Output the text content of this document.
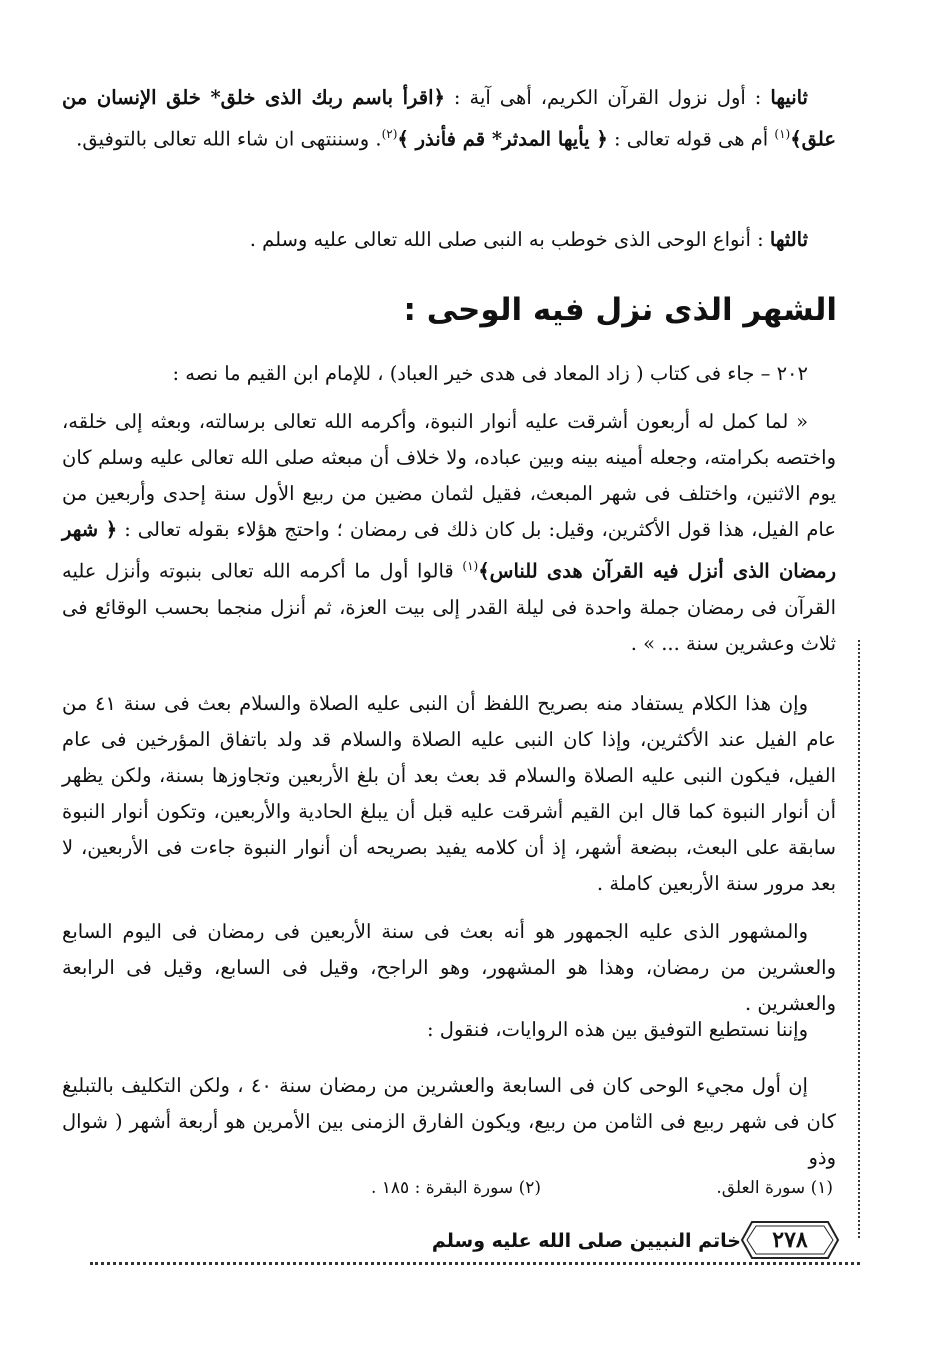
ثانيها : أول نزول القرآن الكريم، أهى آية : ﴿اقرأ باسم ربك الذى خلق* خلق الإنسان من علق﴾$^{(١)}$ أم هى قوله تعالى : ﴿ يأيها المدثر* قم فأنذر ﴾$^{(٢)}$. وسننتهى ان شاء الله تعالى بالتوفيق.

ثالثها : أنواع الوحى الذى خوطب به النبى صلى الله تعالى عليه وسلم .

الشهر الذى نزل فيه الوحى :

٢٠٢ – جاء فى كتاب ( زاد المعاد فى هدى خير العباد) ، للإمام ابن القيم ما نصه :

« لما كمل له أربعون أشرقت عليه أنوار النبوة، وأكرمه الله تعالى برسالته، وبعثه إلى خلقه، واختصه بكرامته، وجعله أمينه بينه وبين عباده، ولا خلاف أن مبعثه صلى الله تعالى عليه وسلم كان يوم الاثنين، واختلف فى شهر المبعث، فقيل لثمان مضين من ربيع الأول سنة إحدى وأربعين من عام الفيل، هذا قول الأكثرين، وقيل: بل كان ذلك فى رمضان ؛ واحتج هؤلاء بقوله تعالى : ﴿ شهر رمضان الذى أنزل فيه القرآن هدى للناس﴾$^{(١)}$ قالوا أول ما أكرمه الله تعالى بنبوته وأنزل عليه القرآن فى رمضان جملة واحدة فى ليلة القدر إلى بيت العزة، ثم أنزل منجما بحسب الوقائع فى ثلاث وعشرين سنة ... » .

وإن هذا الكلام يستفاد منه بصريح اللفظ أن النبى عليه الصلاة والسلام بعث فى سنة ٤١ من عام الفيل عند الأكثرين، وإذا كان النبى عليه الصلاة والسلام قد ولد باتفاق المؤرخين فى عام الفيل، فيكون النبى عليه الصلاة والسلام قد بعث بعد أن بلغ الأربعين وتجاوزها بسنة، ولكن يظهر أن أنوار النبوة كما قال ابن القيم أشرقت عليه قبل أن يبلغ الحادية والأربعين، وتكون أنوار النبوة سابقة على البعث، ببضعة أشهر، إذ أن كلامه يفيد بصريحه أن أنوار النبوة جاءت فى الأربعين، لا بعد مرور سنة الأربعين كاملة .

والمشهور الذى عليه الجمهور هو أنه بعث فى سنة الأربعين فى رمضان فى اليوم السابع والعشرين من رمضان، وهذا هو المشهور، وهو الراجح، وقيل فى السابع، وقيل فى الرابعة والعشرين .

وإننا نستطيع التوفيق بين هذه الروايات، فنقول :

إن أول مجيء الوحى كان فى السابعة والعشرين من رمضان سنة ٤٠ ، ولكن التكليف بالتبليغ كان فى شهر ربيع فى الثامن من ربيع، ويكون الفارق الزمنى بين الأمرين هو أربعة أشهر ( شوال وذو

(١) سورة العلق.
(٢) سورة البقرة : ١٨٥ .
٢٧٨
خاتم النبيين صلى الله عليه وسلم
